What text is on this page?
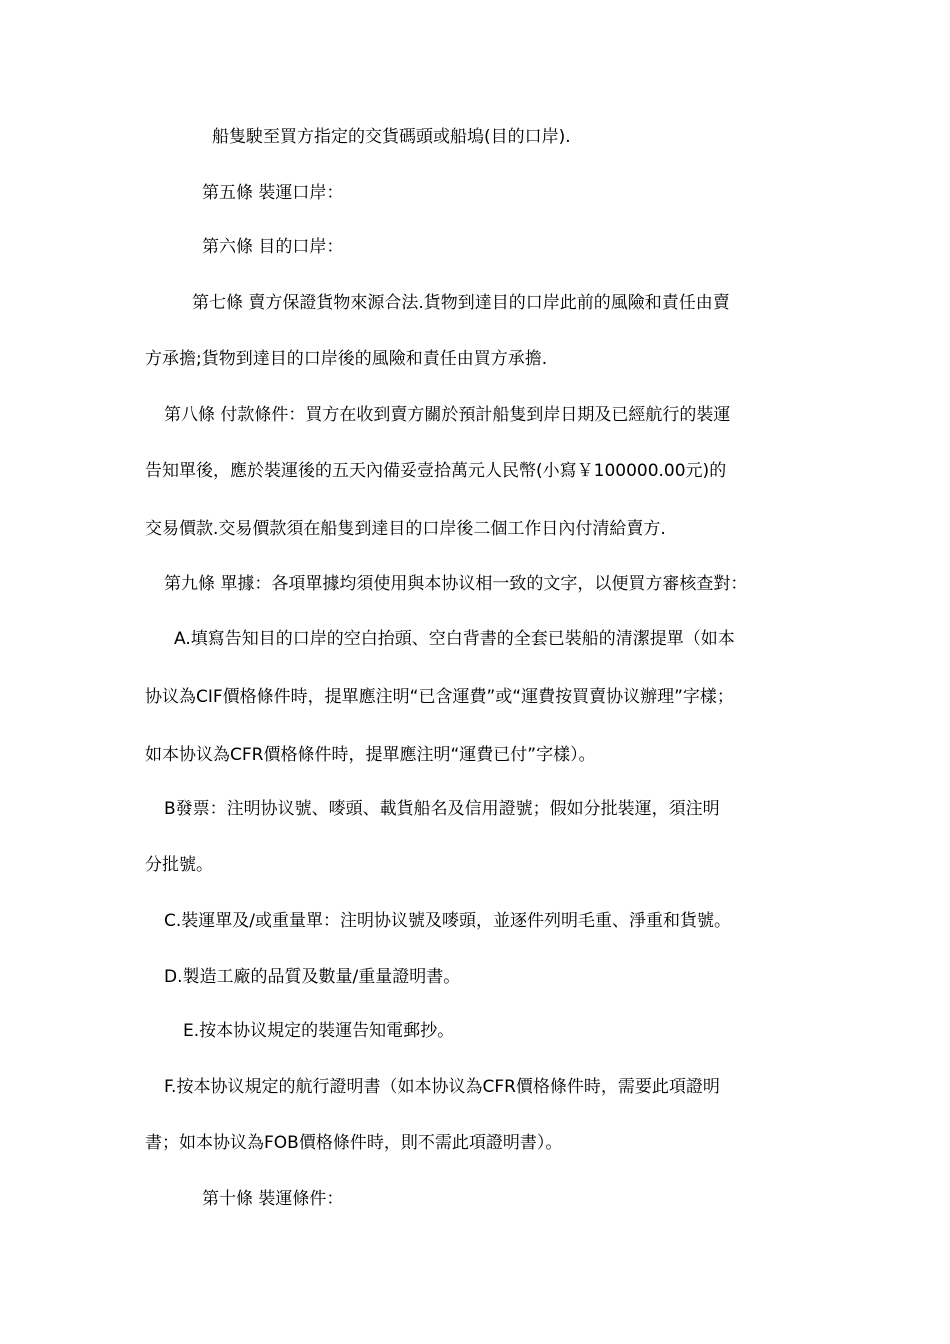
船隻駛至買方指定的交貨碼頭或船塢(目的口岸).
第五條 裝運口岸：
第六條 目的口岸：
第七條 賣方保證貨物來源合法.貨物到達目的口岸此前的風險和責任由賣
方承擔;貨物到達目的口岸後的風險和責任由買方承擔.
第八條 付款條件：買方在收到賣方關於預計船隻到岸日期及已經航行的裝運
告知單後，應於裝運後的五天內備妥壹拾萬元人民幣(小寫￥100000.00元)的
交易價款.交易價款須在船隻到達目的口岸後二個工作日內付清給賣方.
第九條 單據：各項單據均須使用與本协议相一致的文字，以便買方審核查對：
A.填寫告知目的口岸的空白抬頭、空白背書的全套已裝船的清潔提單（如本
协议為CIF價格條件時，提單應注明“已含運費”或“運費按買賣协议辦理”字樣；
如本协议為CFR價格條件時，提單應注明“運費已付”字樣）。
B發票：注明协议號、嘜頭、載貨船名及信用證號；假如分批裝運，須注明
分批號。
C.裝運單及/或重量單：注明协议號及嘜頭，並逐件列明毛重、淨重和貨號。
D.製造工廠的品質及數量/重量證明書。
E.按本协议規定的裝運告知電郵抄。
F.按本协议規定的航行證明書（如本协议為CFR價格條件時，需要此項證明
書；如本协议為FOB價格條件時，則不需此項證明書）。
第十條 裝運條件：
